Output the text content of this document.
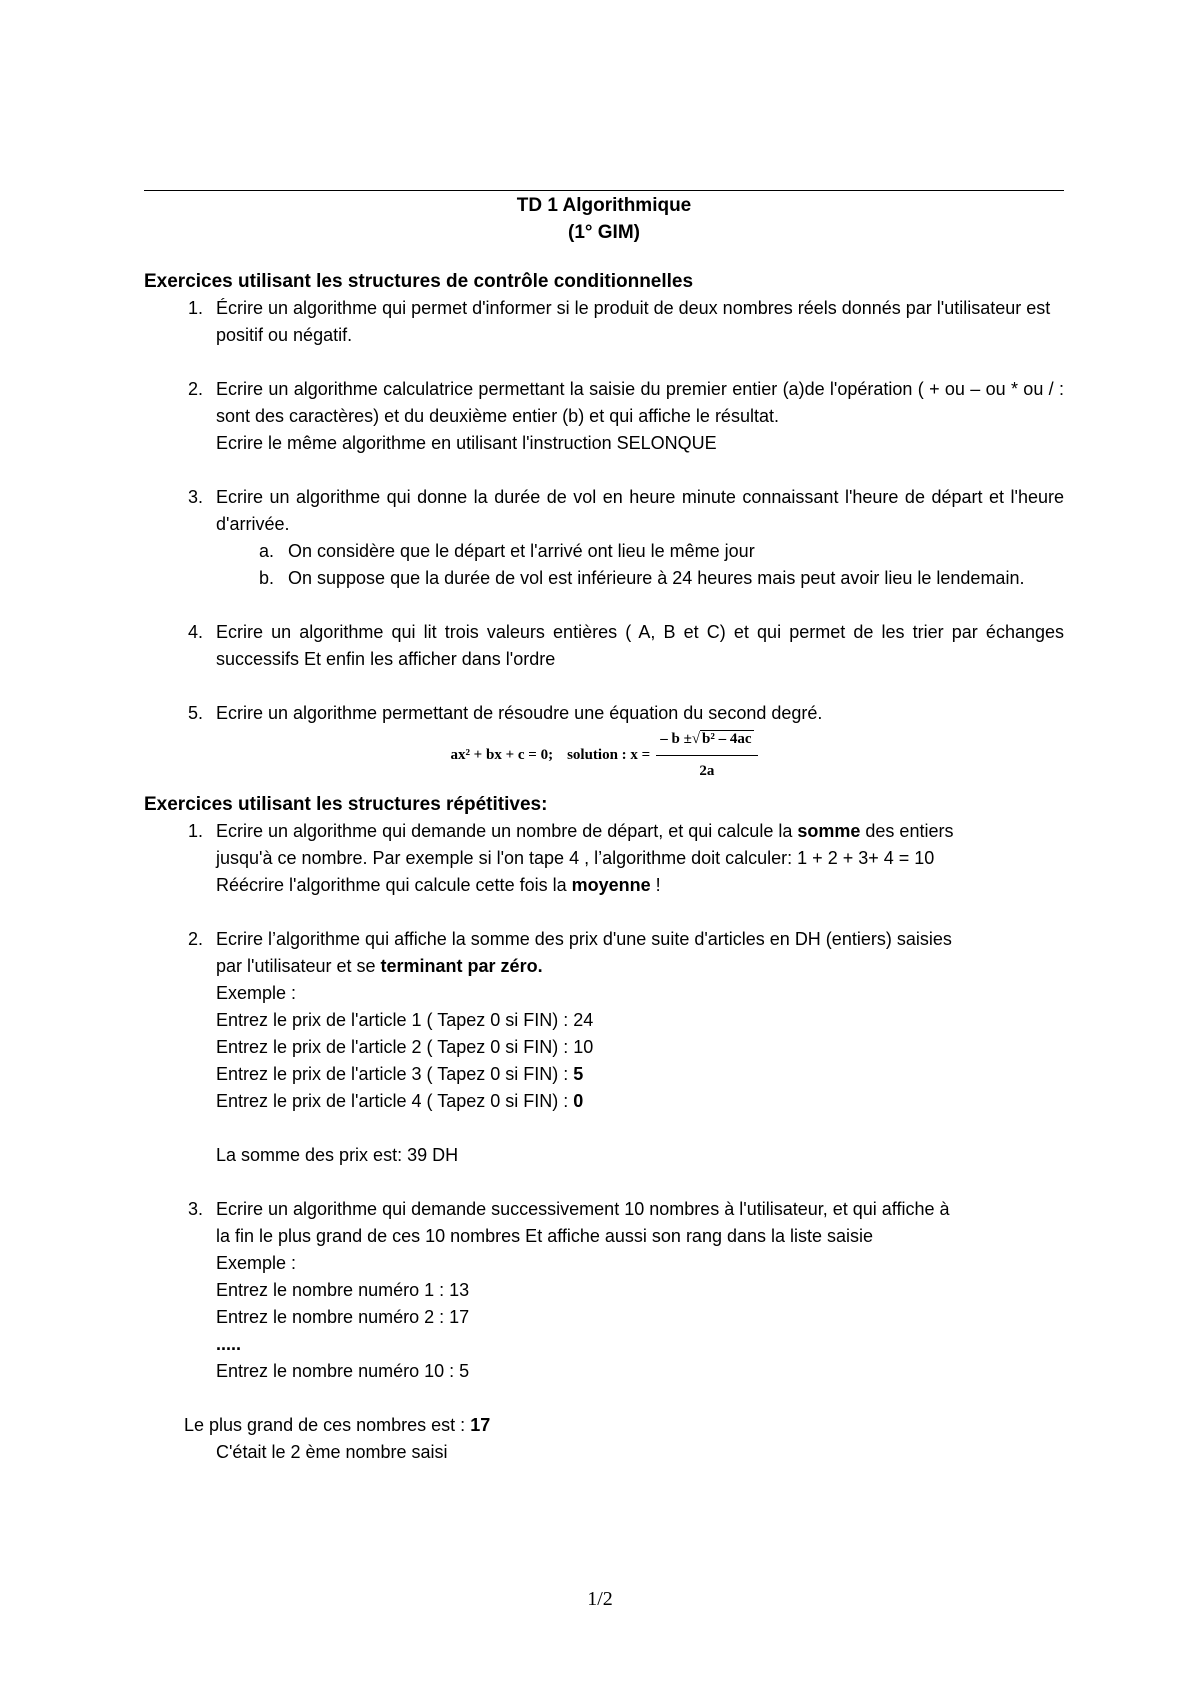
TD 1 Algorithmique
(1° GIM)
Exercices utilisant les structures de contrôle conditionnelles
1. Écrire un algorithme qui permet d'informer si le produit de deux nombres réels donnés par l'utilisateur est positif ou négatif.
2. Ecrire un algorithme calculatrice permettant la saisie du premier entier (a)de l'opération ( + ou – ou * ou / : sont des caractères) et du deuxième entier (b) et qui affiche le résultat.
Ecrire le même algorithme en utilisant l'instruction SELONQUE
3. Ecrire un algorithme qui donne la durée de vol en heure minute connaissant l'heure de départ et l'heure d'arrivée.
a. On considère que le départ et l'arrivé ont lieu le même jour
b. On suppose que la durée de vol est inférieure à 24 heures mais peut avoir lieu le lendemain.
4. Ecrire un algorithme qui lit trois valeurs entières ( A, B et C) et qui permet de les trier par échanges successifs Et enfin les afficher dans l'ordre
5. Ecrire un algorithme permettant de résoudre une équation du second degré.
ax² + bx + c = 0; solution : $x = \frac{\text{– b ±√ b² – 4ac}}{2a}$
Exercices utilisant les structures répétitives:
1. Ecrire un algorithme qui demande un nombre de départ, et qui calcule la somme des entiers
jusqu'à ce nombre. Par exemple si l'on tape 4 , l’algorithme doit calculer: 1 + 2 + 3+ 4 = 10
Réécrire l'algorithme qui calcule cette fois la moyenne !
2. Ecrire l’algorithme qui affiche la somme des prix d'une suite d'articles en DH (entiers) saisies
par l'utilisateur et se terminant par zéro.
Exemple :
Entrez le prix de l'article 1 ( Tapez 0 si FIN) : 24
Entrez le prix de l'article 2 ( Tapez 0 si FIN) : 10
Entrez le prix de l'article 3 ( Tapez 0 si FIN) : 5
Entrez le prix de l'article 4 ( Tapez 0 si FIN) : 0
La somme des prix est: 39 DH
3. Ecrire un algorithme qui demande successivement 10 nombres à l'utilisateur, et qui affiche à
la fin le plus grand de ces 10 nombres Et affiche aussi son rang dans la liste saisie
Exemple :
Entrez le nombre numéro 1 : 13
Entrez le nombre numéro 2 : 17
.....
Entrez le nombre numéro 10 : 5
Le plus grand de ces nombres est : 17
C'était le 2 ème nombre saisi
1/2
